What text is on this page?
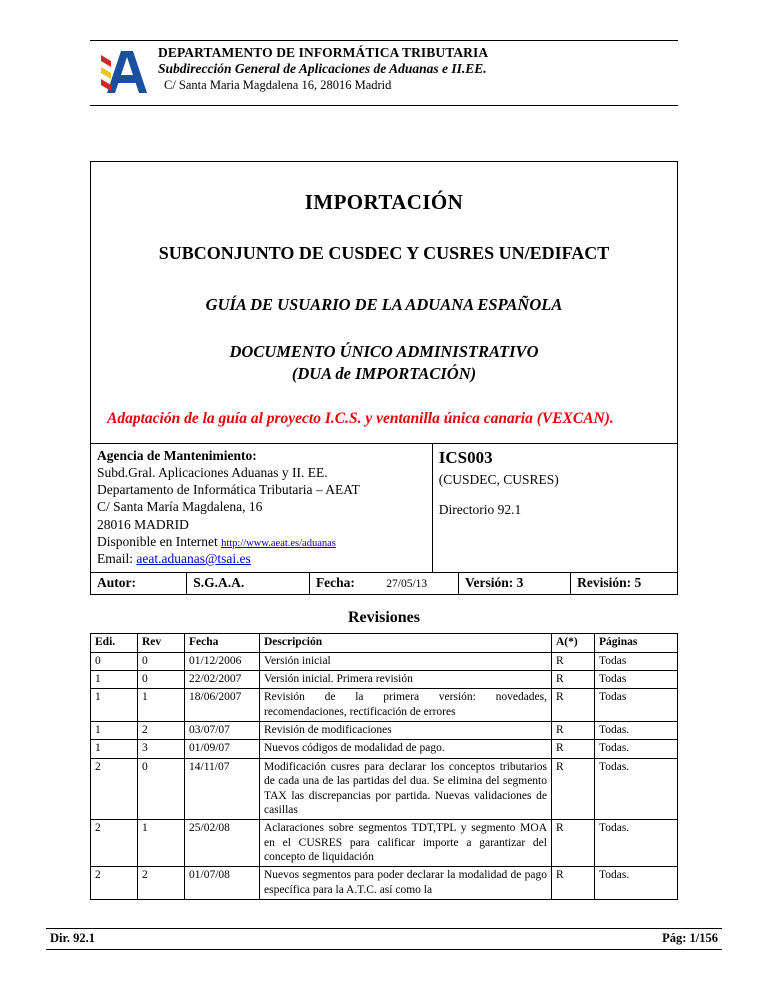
DEPARTAMENTO DE INFORMÁTICA TRIBUTARIA
Subdirección General de Aplicaciones de Aduanas e II.EE.
C/ Santa Maria Magdalena 16, 28016 Madrid
IMPORTACIÓN
SUBCONJUNTO DE CUSDEC Y CUSRES UN/EDIFACT
GUÍA DE USUARIO DE LA ADUANA ESPAÑOLA
DOCUMENTO ÚNICO ADMINISTRATIVO
(DUA de IMPORTACIÓN)
Adaptación de la guía al proyecto I.C.S. y ventanilla única canaria (VEXCAN).
Agencia de Mantenimiento:
Subd.Gral. Aplicaciones Aduanas y II. EE.
Departamento de Informática Tributaria – AEAT
C/ Santa María Magdalena, 16
28016 MADRID
Disponible en Internet http://www.aeat.es/aduanas
Email: aeat.aduanas@tsai.es

ICS003
(CUSDEC, CUSRES)
Directorio 92.1
Autor:	S.G.A.A.	Fecha:	27/05/13	Versión: 3	Revisión: 5
Revisiones
Edi.	Rev	Fecha	Descripción	A(*)	Páginas
0	0	01/12/2006	Versión inicial	R	Todas
1	0	22/02/2007	Versión inicial. Primera revisión	R	Todas
1	1	18/06/2007	Revisión de la primera versión: novedades, recomendaciones, rectificación de errores	R	Todas
1	2	03/07/07	Revisión de modificaciones	R	Todas.
1	3	01/09/07	Nuevos códigos de modalidad de pago.	R	Todas.
2	0	14/11/07	Modificación cusres para declarar los conceptos tributarios de cada una de las partidas del dua. Se elimina del segmento TAX las discrepancias por partida. Nuevas validaciones de casillas	R	Todas.
2	1	25/02/08	Aclaraciones sobre segmentos TDT,TPL y segmento MOA en el CUSRES para calificar importe a garantizar del concepto de liquidación	R	Todas.
2	2	01/07/08	Nuevos segmentos para poder declarar la modalidad de pago específica para la A.T.C. así como la	R	Todas.
Dir. 92.1	Pág: 1/156
